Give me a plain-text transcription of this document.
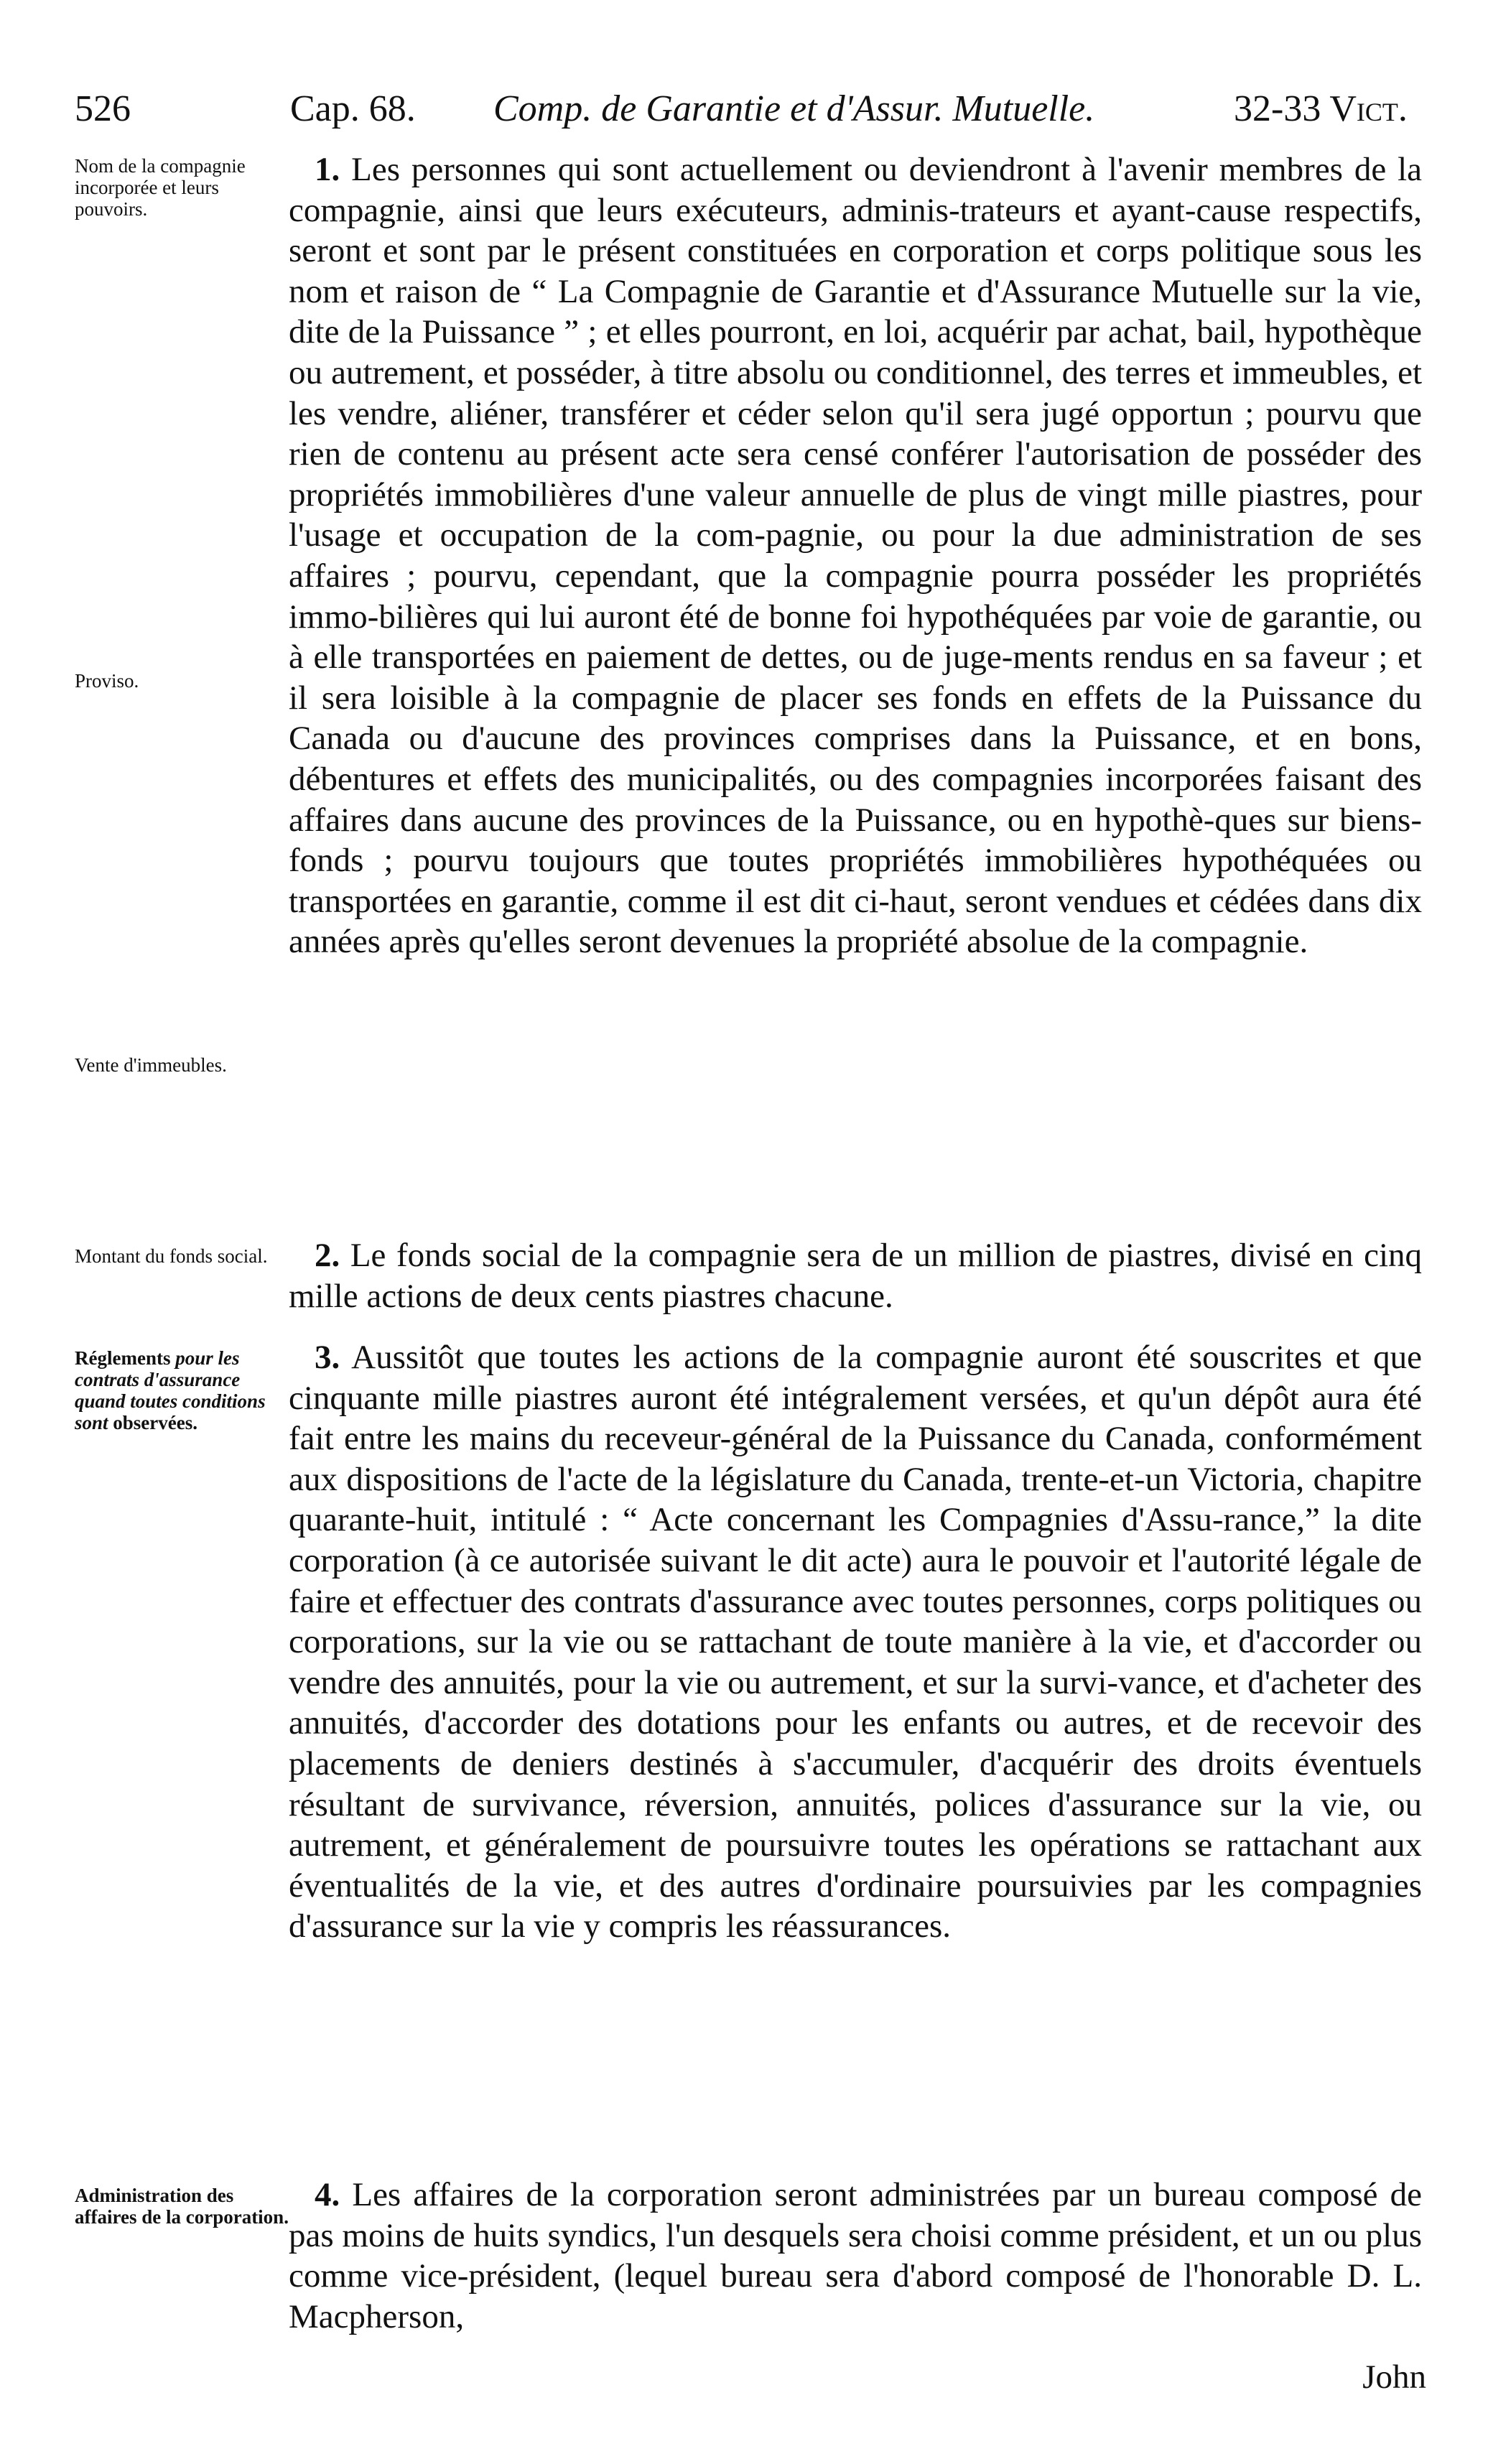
526	Cap. 68. Comp. de Garantie et d'Assur. Mutuelle.	32-33 Vict.
Nom de la compagnie incorporée et leurs pouvoirs.
Proviso.
Vente d'immeubles.
Montant du fonds social.
Réglements pour les contrats d'assurance quand toutes conditions sont observées.
Administration des affaires de la corporation.
1. Les personnes qui sont actuellement ou deviendront à l'avenir membres de la compagnie, ainsi que leurs exécuteurs, adminis-trateurs et ayant-cause respectifs, seront et sont par le présent constituées en corporation et corps politique sous les nom et raison de “ La Compagnie de Garantie et d'Assurance Mutuelle sur la vie, dite de la Puissance ” ; et elles pourront, en loi, acquérir par achat, bail, hypothèque ou autrement, et posséder, à titre absolu ou conditionnel, des terres et immeubles, et les vendre, aliéner, transférer et céder selon qu'il sera jugé opportun ; pourvu que rien de contenu au présent acte sera censé conférer l'autorisation de posséder des propriétés immobilières d'une valeur annuelle de plus de vingt mille piastres, pour l'usage et occupation de la com-pagnie, ou pour la due administration de ses affaires ; pourvu, cependant, que la compagnie pourra posséder les propriétés immo-bilières qui lui auront été de bonne foi hypothéquées par voie de garantie, ou à elle transportées en paiement de dettes, ou de juge-ments rendus en sa faveur ; et il sera loisible à la compagnie de placer ses fonds en effets de la Puissance du Canada ou d'aucune des provinces comprises dans la Puissance, et en bons, débentures et effets des municipalités, ou des compagnies incorporées faisant des affaires dans aucune des provinces de la Puissance, ou en hypothè-ques sur biens-fonds ; pourvu toujours que toutes propriétés immobilières hypothéquées ou transportées en garantie, comme il est dit ci-haut, seront vendues et cédées dans dix années après qu'elles seront devenues la propriété absolue de la compagnie.
2. Le fonds social de la compagnie sera de un million de piastres, divisé en cinq mille actions de deux cents piastres chacune.
3. Aussitôt que toutes les actions de la compagnie auront été souscrites et que cinquante mille piastres auront été intégralement versées, et qu'un dépôt aura été fait entre les mains du receveur-général de la Puissance du Canada, conformément aux dispositions de l'acte de la législature du Canada, trente-et-un Victoria, chapitre quarante-huit, intitulé : “ Acte concernant les Compagnies d'Assu-rance,” la dite corporation (à ce autorisée suivant le dit acte) aura le pouvoir et l'autorité légale de faire et effectuer des contrats d'assurance avec toutes personnes, corps politiques ou corporations, sur la vie ou se rattachant de toute manière à la vie, et d'accorder ou vendre des annuités, pour la vie ou autrement, et sur la survi-vance, et d'acheter des annuités, d'accorder des dotations pour les enfants ou autres, et de recevoir des placements de deniers destinés à s'accumuler, d'acquérir des droits éventuels résultant de survivance, réversion, annuités, polices d'assurance sur la vie, ou autrement, et généralement de poursuivre toutes les opérations se rattachant aux éventualités de la vie, et des autres d'ordinaire poursuivies par les compagnies d'assurance sur la vie y compris les réassurances.
4. Les affaires de la corporation seront administrées par un bureau composé de pas moins de huits syndics, l'un desquels sera choisi comme président, et un ou plus comme vice-président, (lequel bureau sera d'abord composé de l'honorable D. L. Macpherson,
John
